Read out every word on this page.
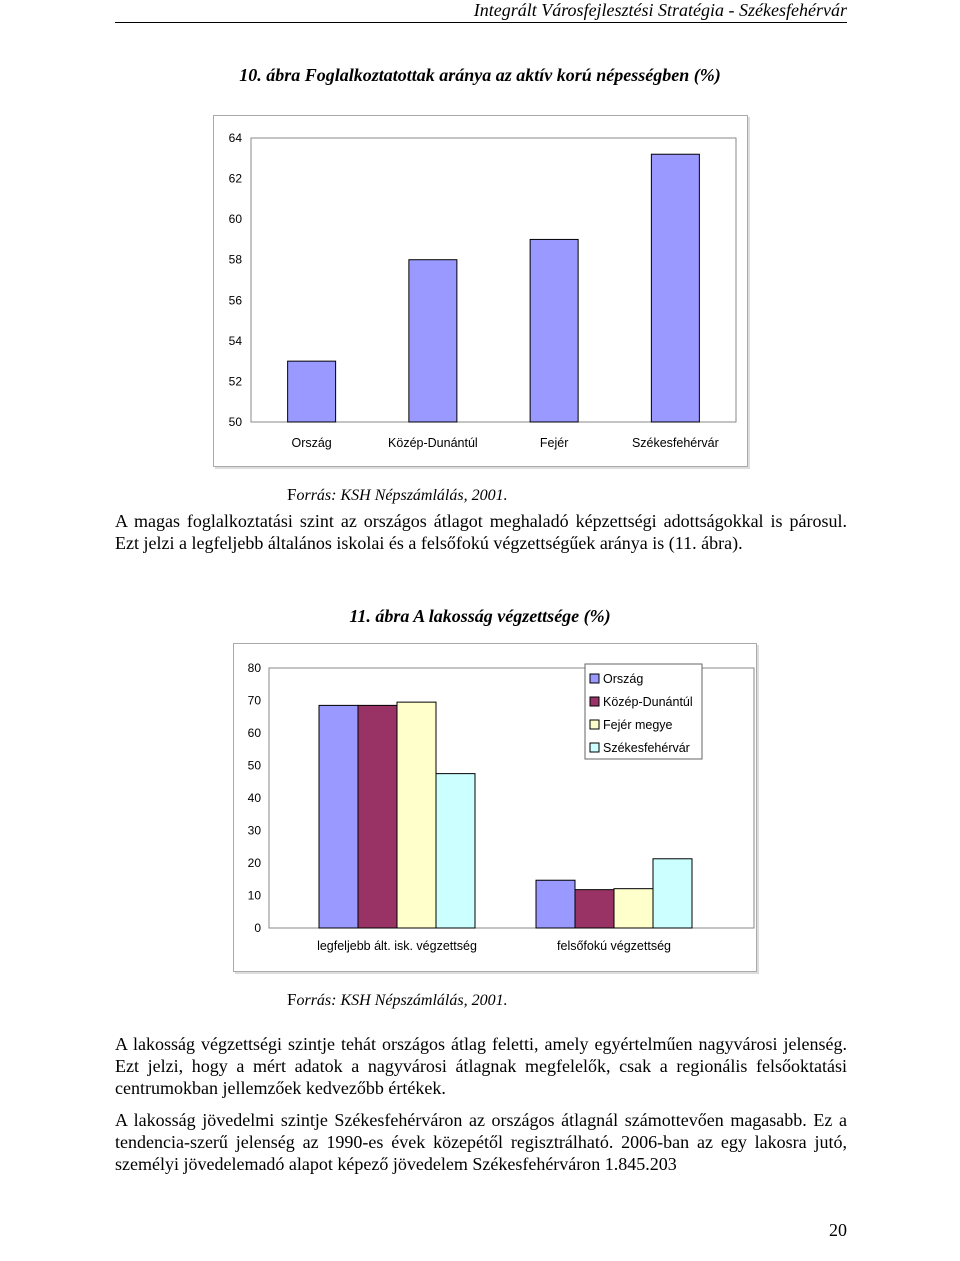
Integrált Városfejlesztési Stratégia - Székesfehérvár
10. ábra Foglalkoztatottak aránya az aktív korú népességben (%)
50
52
54
56
58
60
62
64
Ország	Közép-Dunántúl	Fejér	Székesfehérvár
Forrás: KSH Népszámlálás, 2001.
A magas foglalkoztatási szint az országos átlagot meghaladó képzettségi adottságokkal is párosul. Ezt jelzi a legfeljebb általános iskolai és a felsőfokú végzettségűek aránya is (11. ábra).
11. ábra A lakosság végzettsége (%)
0
10
20
30
40
50
60
70
80
legfeljebb ált. isk. végzettség	felsőfokú végzettség
Ország
Közép-Dunántúl
Fejér megye
Székesfehérvár
Forrás: KSH Népszámlálás, 2001.
A lakosság végzettségi szintje tehát országos átlag feletti, amely egyértelműen nagyvárosi jelenség. Ezt jelzi, hogy a mért adatok a nagyvárosi átlagnak megfelelők, csak a regionális felsőoktatási centrumokban jellemzőek kedvezőbb értékek.
A lakosság jövedelmi szintje Székesfehérváron az országos átlagnál számottevően magasabb. Ez a tendencia-szerű jelenség az 1990-es évek közepétől regisztrálható. 2006-ban az egy lakosra jutó, személyi jövedelemadó alapot képező jövedelem Székesfehérváron 1.845.203
20
